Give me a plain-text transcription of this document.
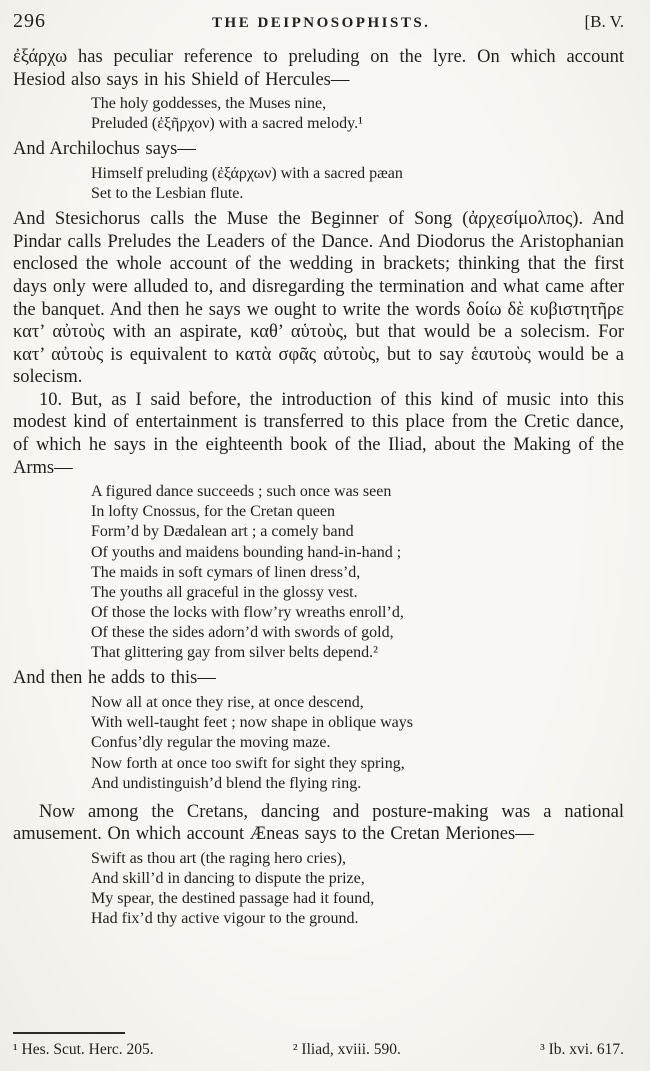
296	THE DEIPNOSOPHISTS.	[B. V.

ἐξάρχω has peculiar reference to preluding on the lyre. On which account Hesiod also says in his Shield of Hercules—

The holy goddesses, the Muses nine,
Preluded (ἐξῆρχον) with a sacred melody.¹

And Archilochus says—

Himself preluding (ἐξάρχων) with a sacred pæan
Set to the Lesbian flute.

And Stesichorus calls the Muse the Beginner of Song (ἀρχεσίμολπος). And Pindar calls Preludes the Leaders of the Dance. And Diodorus the Aristophanian enclosed the whole account of the wedding in brackets; thinking that the first days only were alluded to, and disregarding the termination and what came after the banquet. And then he says we ought to write the words δοίω δὲ κυβιστητῆρε κατ’ αὐτοὺς with an aspirate, καθ’ αὑτοὺς, but that would be a solecism. For κατ’ αὐτοὺς is equivalent to κατὰ σφᾶς αὐτοὺς, but to say ἑαυτοὺς would be a solecism.

10. But, as I said before, the introduction of this kind of music into this modest kind of entertainment is transferred to this place from the Cretic dance, of which he says in the eighteenth book of the Iliad, about the Making of the Arms—

A figured dance succeeds ; such once was seen
In lofty Cnossus, for the Cretan queen
Form’d by Dædalean art ; a comely band
Of youths and maidens bounding hand-in-hand ;
The maids in soft cymars of linen dress’d,
The youths all graceful in the glossy vest.
Of those the locks with flow’ry wreaths enroll’d,
Of these the sides adorn’d with swords of gold,
That glittering gay from silver belts depend.²

And then he adds to this—

Now all at once they rise, at once descend,
With well-taught feet ; now shape in oblique ways
Confus’dly regular the moving maze.
Now forth at once too swift for sight they spring,
And undistinguish’d blend the flying ring.

Now among the Cretans, dancing and posture-making was a national amusement. On which account Æneas says to the Cretan Meriones—

Swift as thou art (the raging hero cries),
And skill’d in dancing to dispute the prize,
My spear, the destined passage had it found,
Had fix’d thy active vigour to the ground.
¹ Hes. Scut. Herc. 205.	² Iliad, xviii. 590.	³ Ib. xvi. 617.
